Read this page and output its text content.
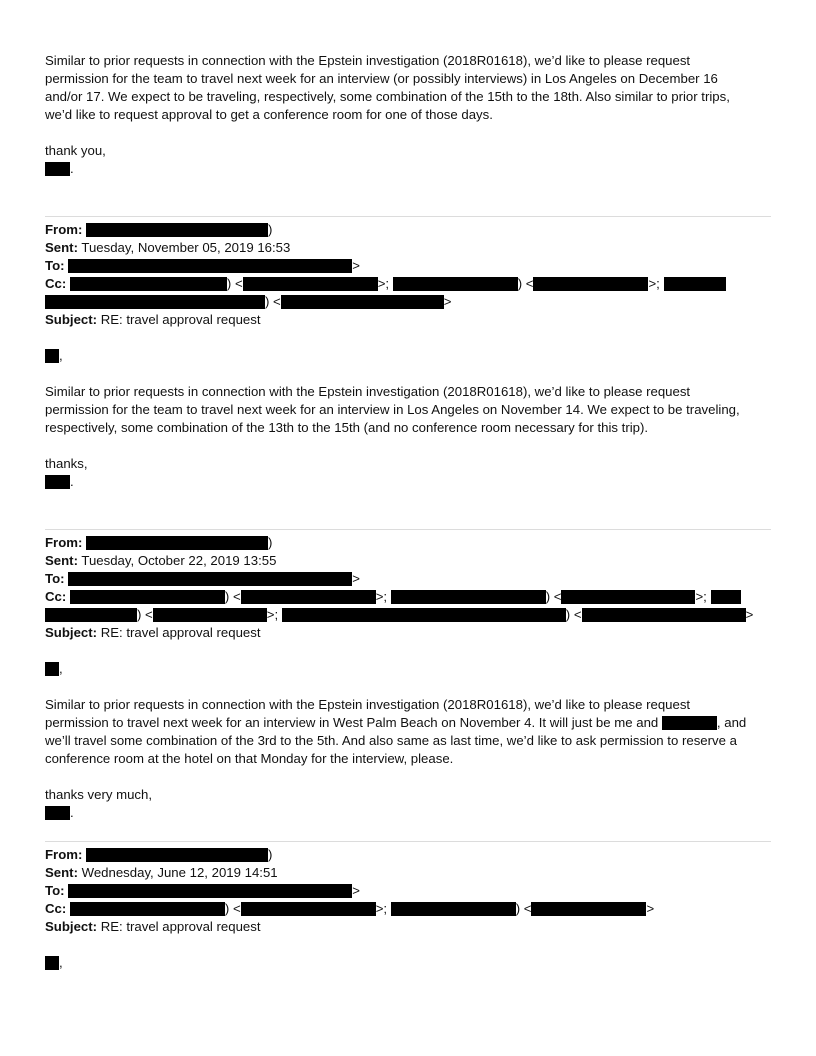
Similar to prior requests in connection with the Epstein investigation (2018R01618), we’d like to please request
permission for the team to travel next week for an interview (or possibly interviews) in Los Angeles on December 16
and/or 17. We expect to be traveling, respectively, some combination of the 15th to the 18th. Also similar to prior trips,
we’d like to request approval to get a conference room for one of those days.
thank you,
.
From:	)
Sent: Tuesday, November 05, 2019 16:53
To:	>
Cc:	) <	>;	) <	>;
) <	>
Subject: RE: travel approval request
,
Similar to prior requests in connection with the Epstein investigation (2018R01618), we’d like to please request
permission for the team to travel next week for an interview in Los Angeles on November 14. We expect to be traveling,
respectively, some combination of the 13th to the 15th (and no conference room necessary for this trip).
thanks,
.
From:	)
Sent: Tuesday, October 22, 2019 13:55
To:	>
Cc:	) <	>;	) <	>;
) <	>;	) <	>
Subject: RE: travel approval request
,
Similar to prior requests in connection with the Epstein investigation (2018R01618), we’d like to please request
permission to travel next week for an interview in West Palm Beach on November 4. It will just be me and	, and
we’ll travel some combination of the 3rd to the 5th. And also same as last time, we’d like to ask permission to reserve a
conference room at the hotel on that Monday for the interview, please.
thanks very much,
.
From:	)
Sent: Wednesday, June 12, 2019 14:51
To:	>
Cc:	) <	>;	) <	>
Subject: RE: travel approval request
,
